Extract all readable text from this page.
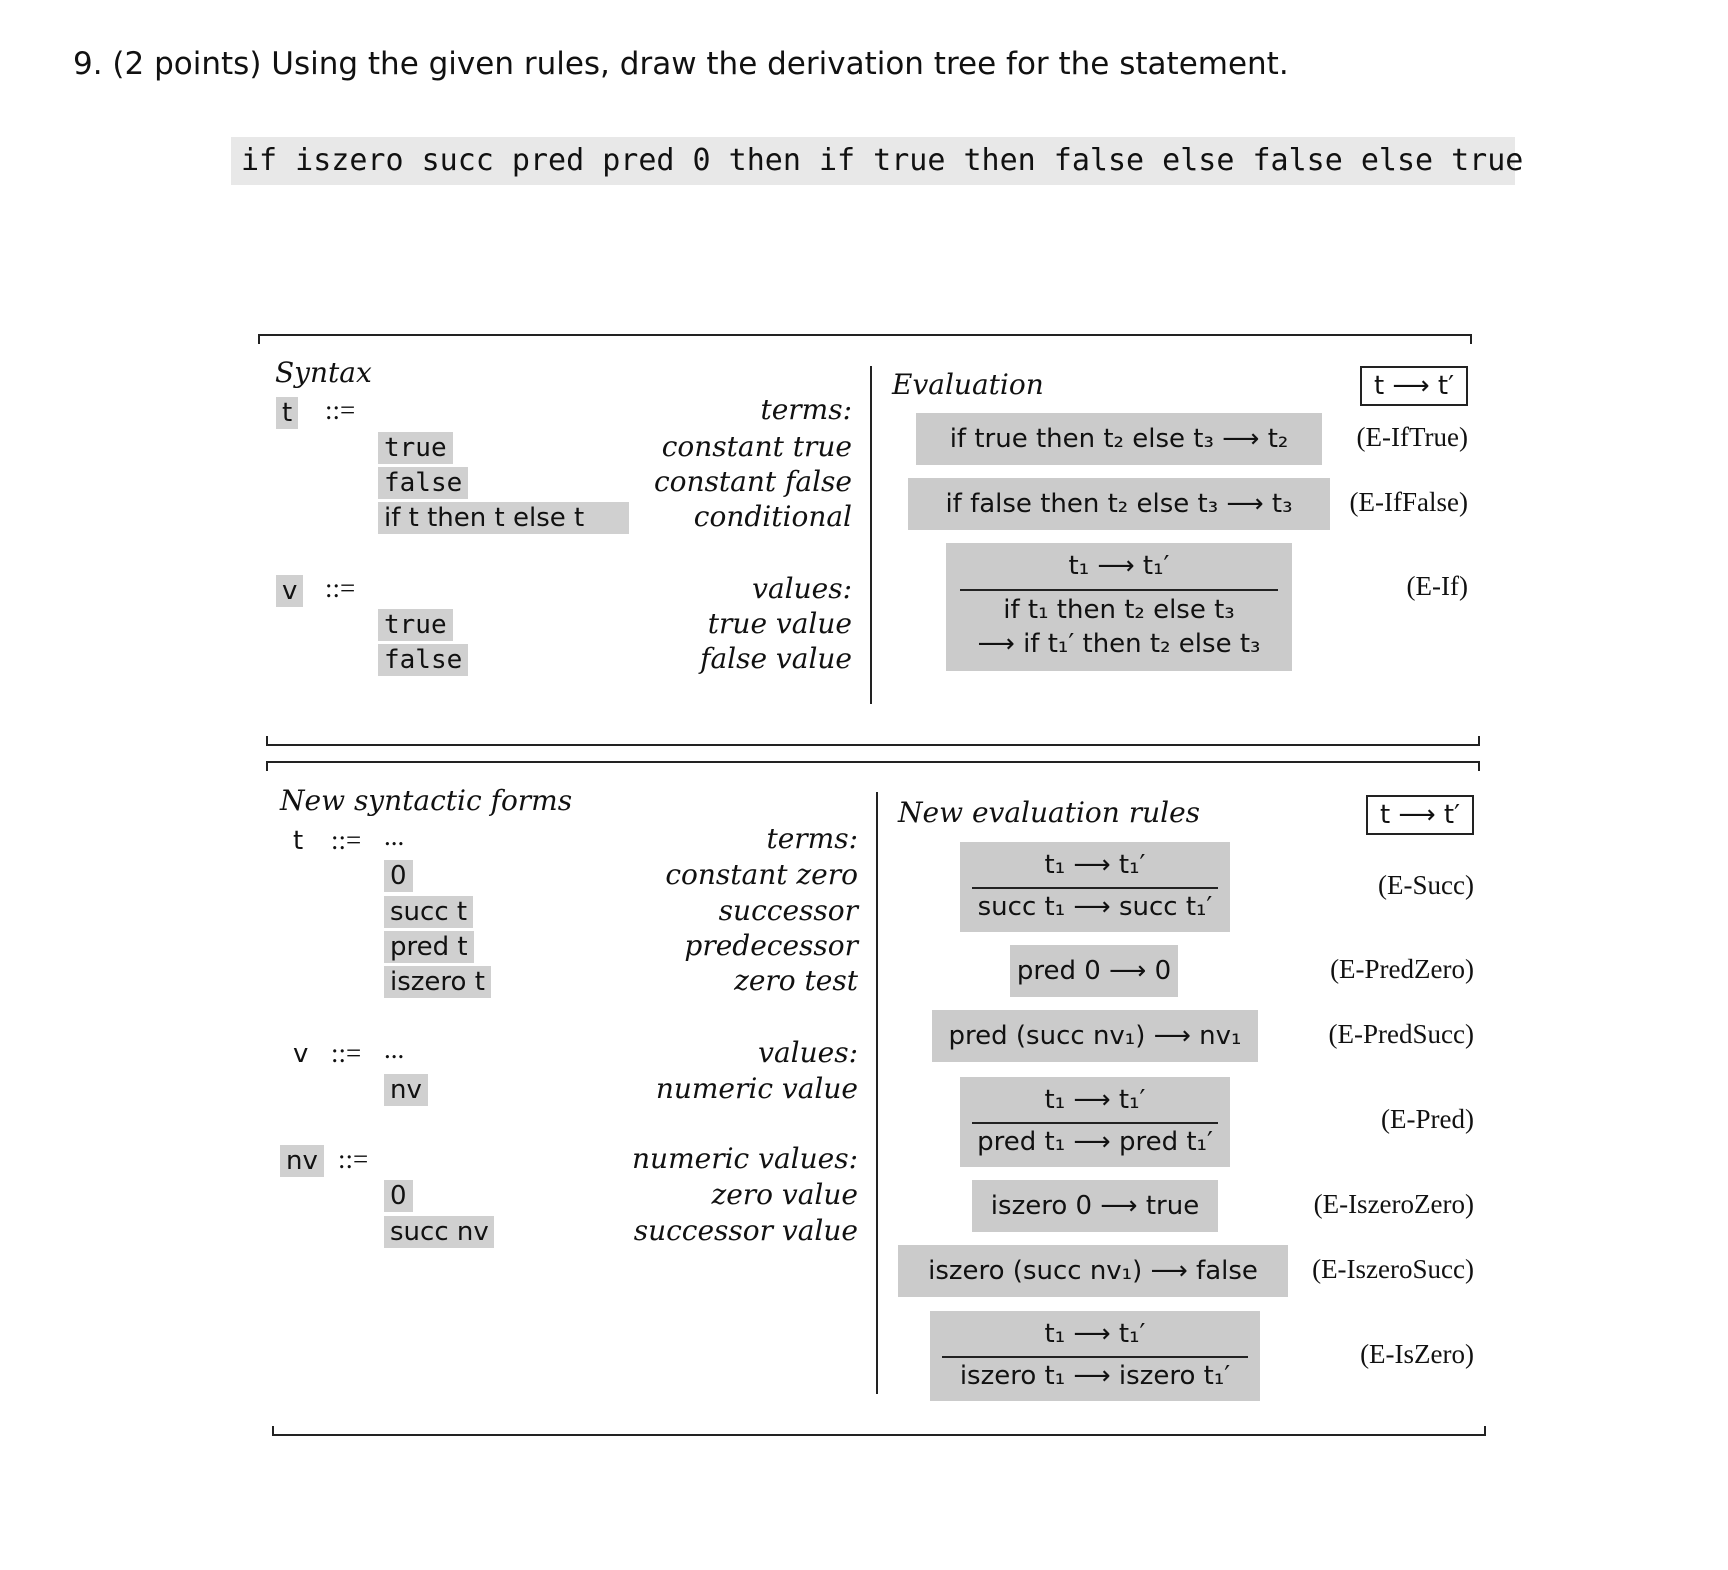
9. (2 points) Using the given rules, draw the derivation tree for the statement.
if iszero succ pred pred 0 then if true then false else false else true
Syntax
t ::=	terms:
true	constant true
false	constant false
if t then t else t	conditional
v ::=	values:
true	true value
false	false value
Evaluation	t ⟶ t′
if true then t₂ else t₃ ⟶ t₂	(E-IfTrue)
if false then t₂ else t₃ ⟶ t₃	(E-IfFalse)
t₁ ⟶ t₁′
if t₁ then t₂ else t₃
⟶ if t₁′ then t₂ else t₃
(E-If)
New syntactic forms
t ::= ...	terms:
0	constant zero
succ t	successor
pred t	predecessor
iszero t	zero test
v ::= ...	values:
nv	numeric value
nv ::=	numeric values:
0	zero value
succ nv	successor value
New evaluation rules	t ⟶ t′
t₁ ⟶ t₁′
succ t₁ ⟶ succ t₁′
(E-Succ)
pred 0 ⟶ 0	(E-PredZero)
pred (succ nv₁) ⟶ nv₁	(E-PredSucc)
t₁ ⟶ t₁′
pred t₁ ⟶ pred t₁′
(E-Pred)
iszero 0 ⟶ true	(E-IszeroZero)
iszero (succ nv₁) ⟶ false	(E-IszeroSucc)
t₁ ⟶ t₁′
iszero t₁ ⟶ iszero t₁′
(E-IsZero)
